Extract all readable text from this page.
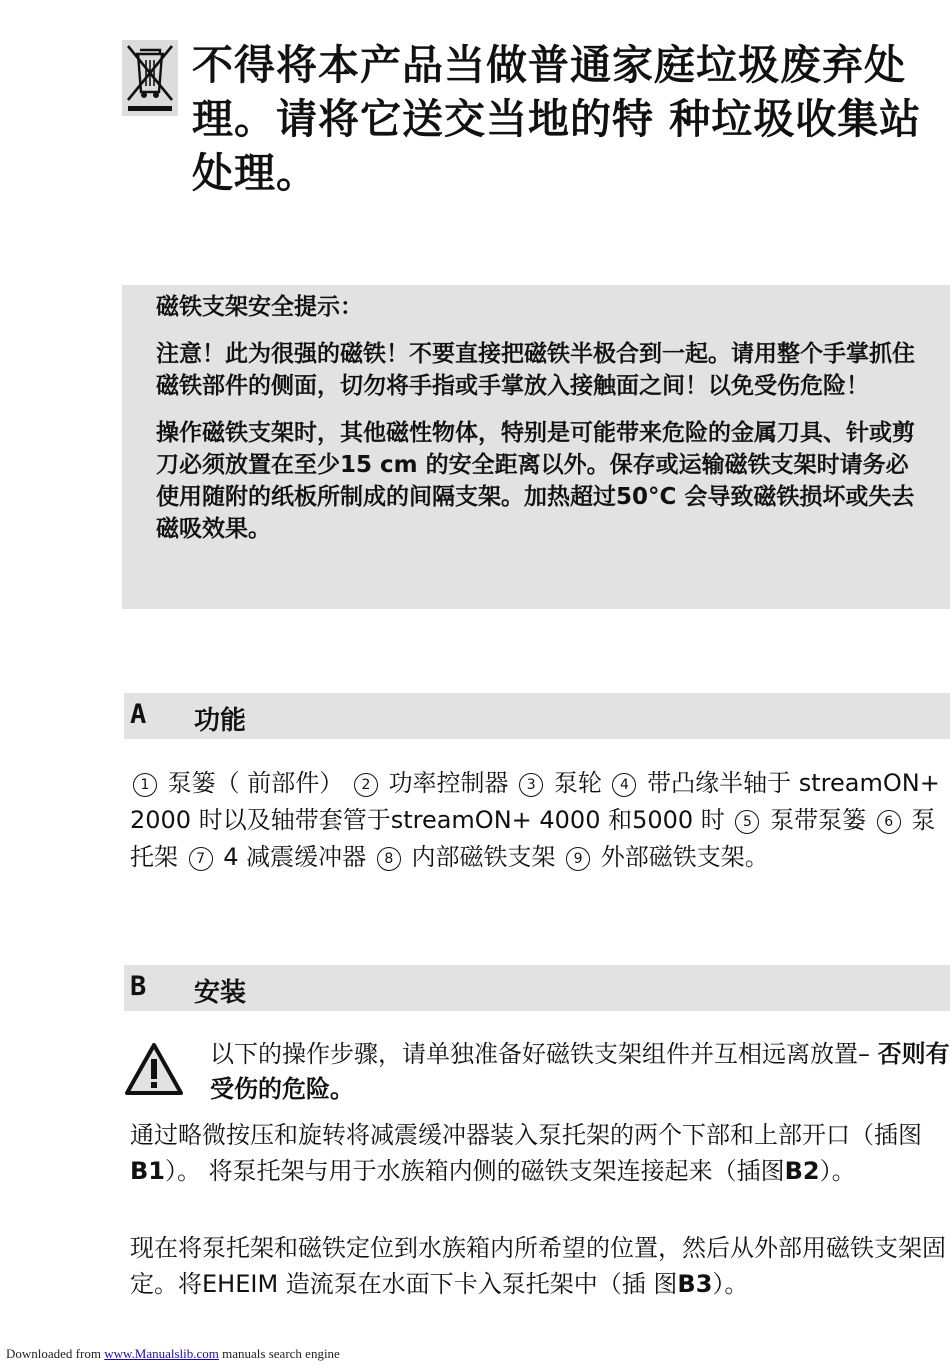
不得将本产品当做普通家庭垃圾废弃处理。请将它送交当地的特 种垃圾收集站处理。

磁铁支架安全提示：

注意！此为很强的磁铁！不要直接把磁铁半极合到一起。请用整个手掌抓住磁铁部件的侧面，切勿将手指或手掌放入接触面之间！以免受伤危险！

操作磁铁支架时，其他磁性物体，特别是可能带来危险的金属刀具、针或剪刀必须放置在至少15 cm 的安全距离以外。保存或运输磁铁支架时请务必使用随附的纸板所制成的间隔支架。加热超过50°C 会导致磁铁损坏或失去磁吸效果。

A 功能
1 泵篓（ 前部件） 2 功率控制器 3 泵轮 4 带凸缘半轴于 streamON+ 2000 时以及轴带套管于streamON+ 4000 和5000 时 5 泵带泵篓 6 泵托架 7 4 减震缓冲器 8 内部磁铁支架 9 外部磁铁支架。
B 安装
以下的操作步骤，请单独准备好磁铁支架组件并互相远离放置– 否则有受伤的危险。
通过略微按压和旋转将减震缓冲器装入泵托架的两个下部和上部开口（插图B1）。 将泵托架与用于水族箱内侧的磁铁支架连接起来（插图B2）。
现在将泵托架和磁铁定位到水族箱内所希望的位置，然后从外部用磁铁支架固定。将EHEIM 造流泵在水面下卡入泵托架中（插 图B3）。
Downloaded from www.Manualslib.com manuals search engine
